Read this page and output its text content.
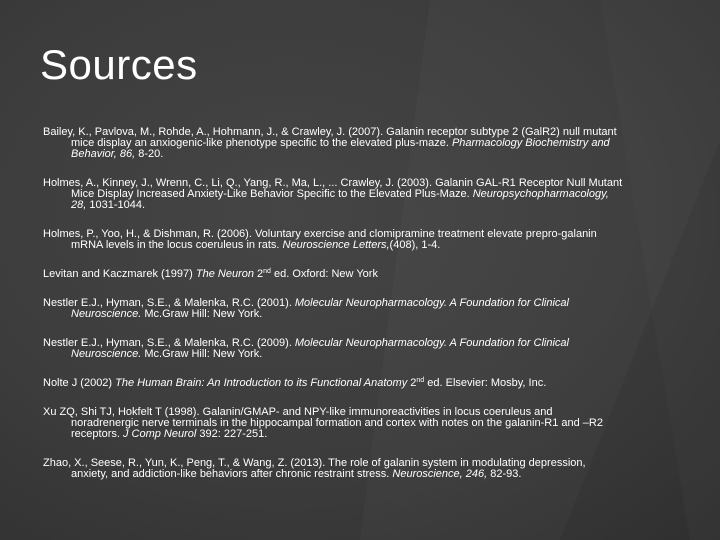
Sources

Bailey, K., Pavlova, M., Rohde, A., Hohmann, J., & Crawley, J. (2007). Galanin receptor subtype 2 (GalR2) null mutant mice display an anxiogenic-like phenotype specific to the elevated plus-maze. Pharmacology Biochemistry and Behavior, 86, 8-20.

Holmes, A., Kinney, J., Wrenn, C., Li, Q., Yang, R., Ma, L., ... Crawley, J. (2003). Galanin GAL-R1 Receptor Null Mutant Mice Display Increased Anxiety-Like Behavior Specific to the Elevated Plus-Maze. Neuropsychopharmacology, 28, 1031-1044.

Holmes, P., Yoo, H., & Dishman, R. (2006). Voluntary exercise and clomipramine treatment elevate prepro-galanin mRNA levels in the locus coeruleus in rats. Neuroscience Letters,(408), 1-4.

Levitan and Kaczmarek (1997) The Neuron 2nd ed. Oxford: New York

Nestler E.J., Hyman, S.E., & Malenka, R.C. (2001). Molecular Neuropharmacology. A Foundation for Clinical Neuroscience. Mc.Graw Hill: New York.

Nestler E.J., Hyman, S.E., & Malenka, R.C. (2009). Molecular Neuropharmacology. A Foundation for Clinical Neuroscience. Mc.Graw Hill: New York.

Nolte J (2002) The Human Brain: An Introduction to its Functional Anatomy 2nd ed. Elsevier: Mosby, Inc.

Xu ZQ, Shi TJ, Hokfelt T (1998). Galanin/GMAP- and NPY-like immunoreactivities in locus coeruleus and noradrenergic nerve terminals in the hippocampal formation and cortex with notes on the galanin-R1 and –R2 receptors. J Comp Neurol 392: 227-251.

Zhao, X., Seese, R., Yun, K., Peng, T., & Wang, Z. (2013). The role of galanin system in modulating depression, anxiety, and addiction-like behaviors after chronic restraint stress. Neuroscience, 246, 82-93.
